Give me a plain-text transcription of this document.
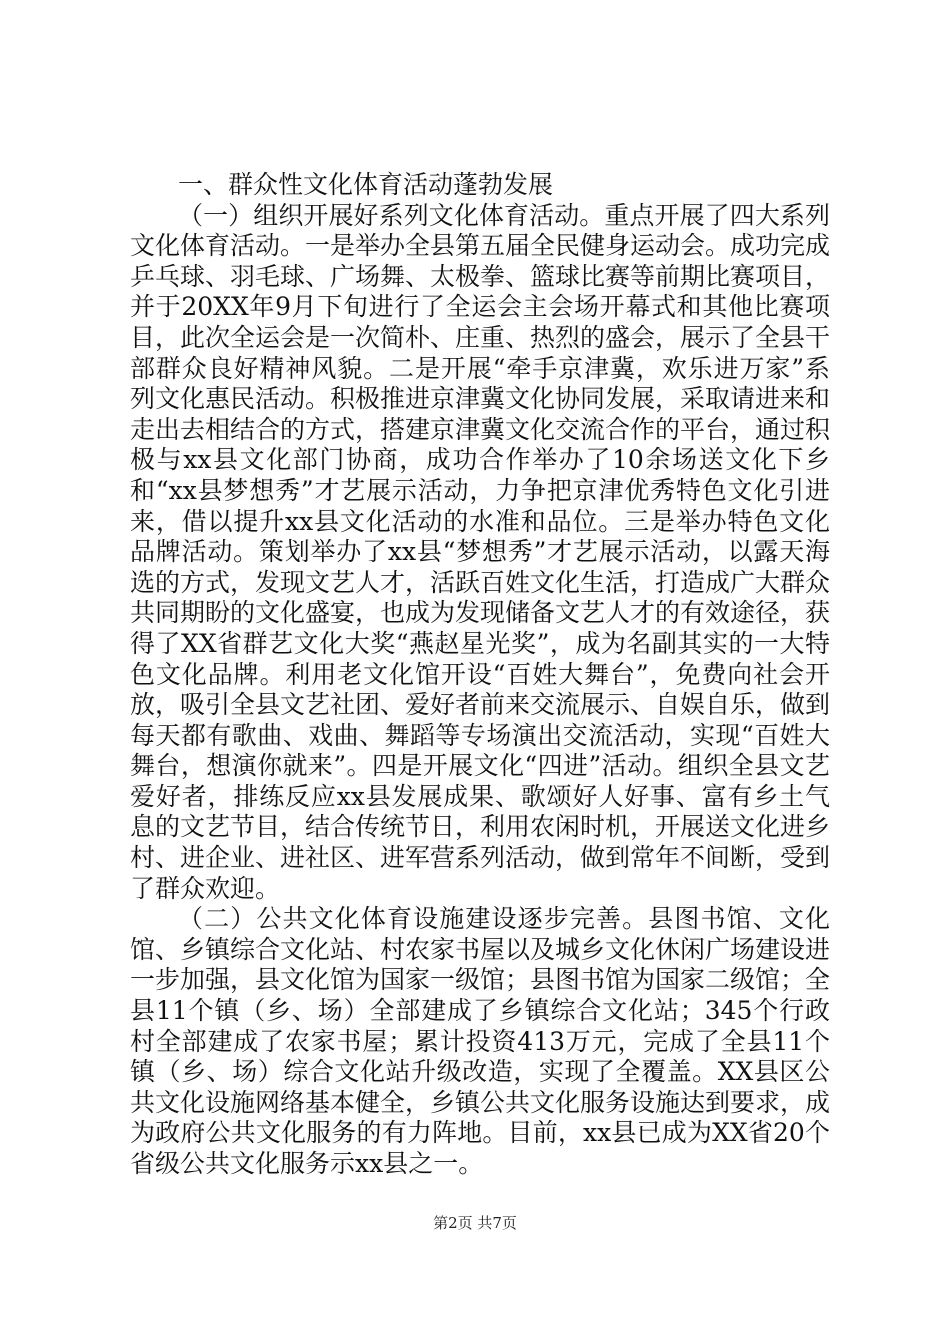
一、群众性文化体育活动蓬勃发展

（一）组织开展好系列文化体育活动。重点开展了四大系列文化体育活动。一是举办全县第五届全民健身运动会。成功完成乒乓球、羽毛球、广场舞、太极拳、篮球比赛等前期比赛项目，并于20XX年9月下旬进行了全运会主会场开幕式和其他比赛项目，此次全运会是一次简朴、庄重、热烈的盛会，展示了全县干部群众良好精神风貌。二是开展“牵手京津冀，欢乐进万家”系列文化惠民活动。积极推进京津冀文化协同发展，采取请进来和走出去相结合的方式，搭建京津冀文化交流合作的平台，通过积极与xx县文化部门协商，成功合作举办了10余场送文化下乡和“xx县梦想秀”才艺展示活动，力争把京津优秀特色文化引进来，借以提升xx县文化活动的水准和品位。三是举办特色文化品牌活动。策划举办了xx县“梦想秀”才艺展示活动，以露天海选的方式，发现文艺人才，活跃百姓文化生活，打造成广大群众共同期盼的文化盛宴，也成为发现储备文艺人才的有效途径，获得了XX省群艺文化大奖“燕赵星光奖”，成为名副其实的一大特色文化品牌。利用老文化馆开设“百姓大舞台”，免费向社会开放，吸引全县文艺社团、爱好者前来交流展示、自娱自乐，做到每天都有歌曲、戏曲、舞蹈等专场演出交流活动，实现“百姓大舞台，想演你就来”。四是开展文化“四进”活动。组织全县文艺爱好者，排练反应xx县发展成果、歌颂好人好事、富有乡土气息的文艺节目，结合传统节日，利用农闲时机，开展送文化进乡村、进企业、进社区、进军营系列活动，做到常年不间断，受到了群众欢迎。

（二）公共文化体育设施建设逐步完善。县图书馆、文化馆、乡镇综合文化站、村农家书屋以及城乡文化休闲广场建设进一步加强，县文化馆为国家一级馆；县图书馆为国家二级馆；全县11个镇（乡、场）全部建成了乡镇综合文化站；345个行政村全部建成了农家书屋；累计投资413万元，完成了全县11个镇（乡、场）综合文化站升级改造，实现了全覆盖。XX县区公共文化设施网络基本健全，乡镇公共文化服务设施达到要求，成为政府公共文化服务的有力阵地。目前，xx县已成为XX省20个省级公共文化服务示xx县之一。

第2页 共7页
